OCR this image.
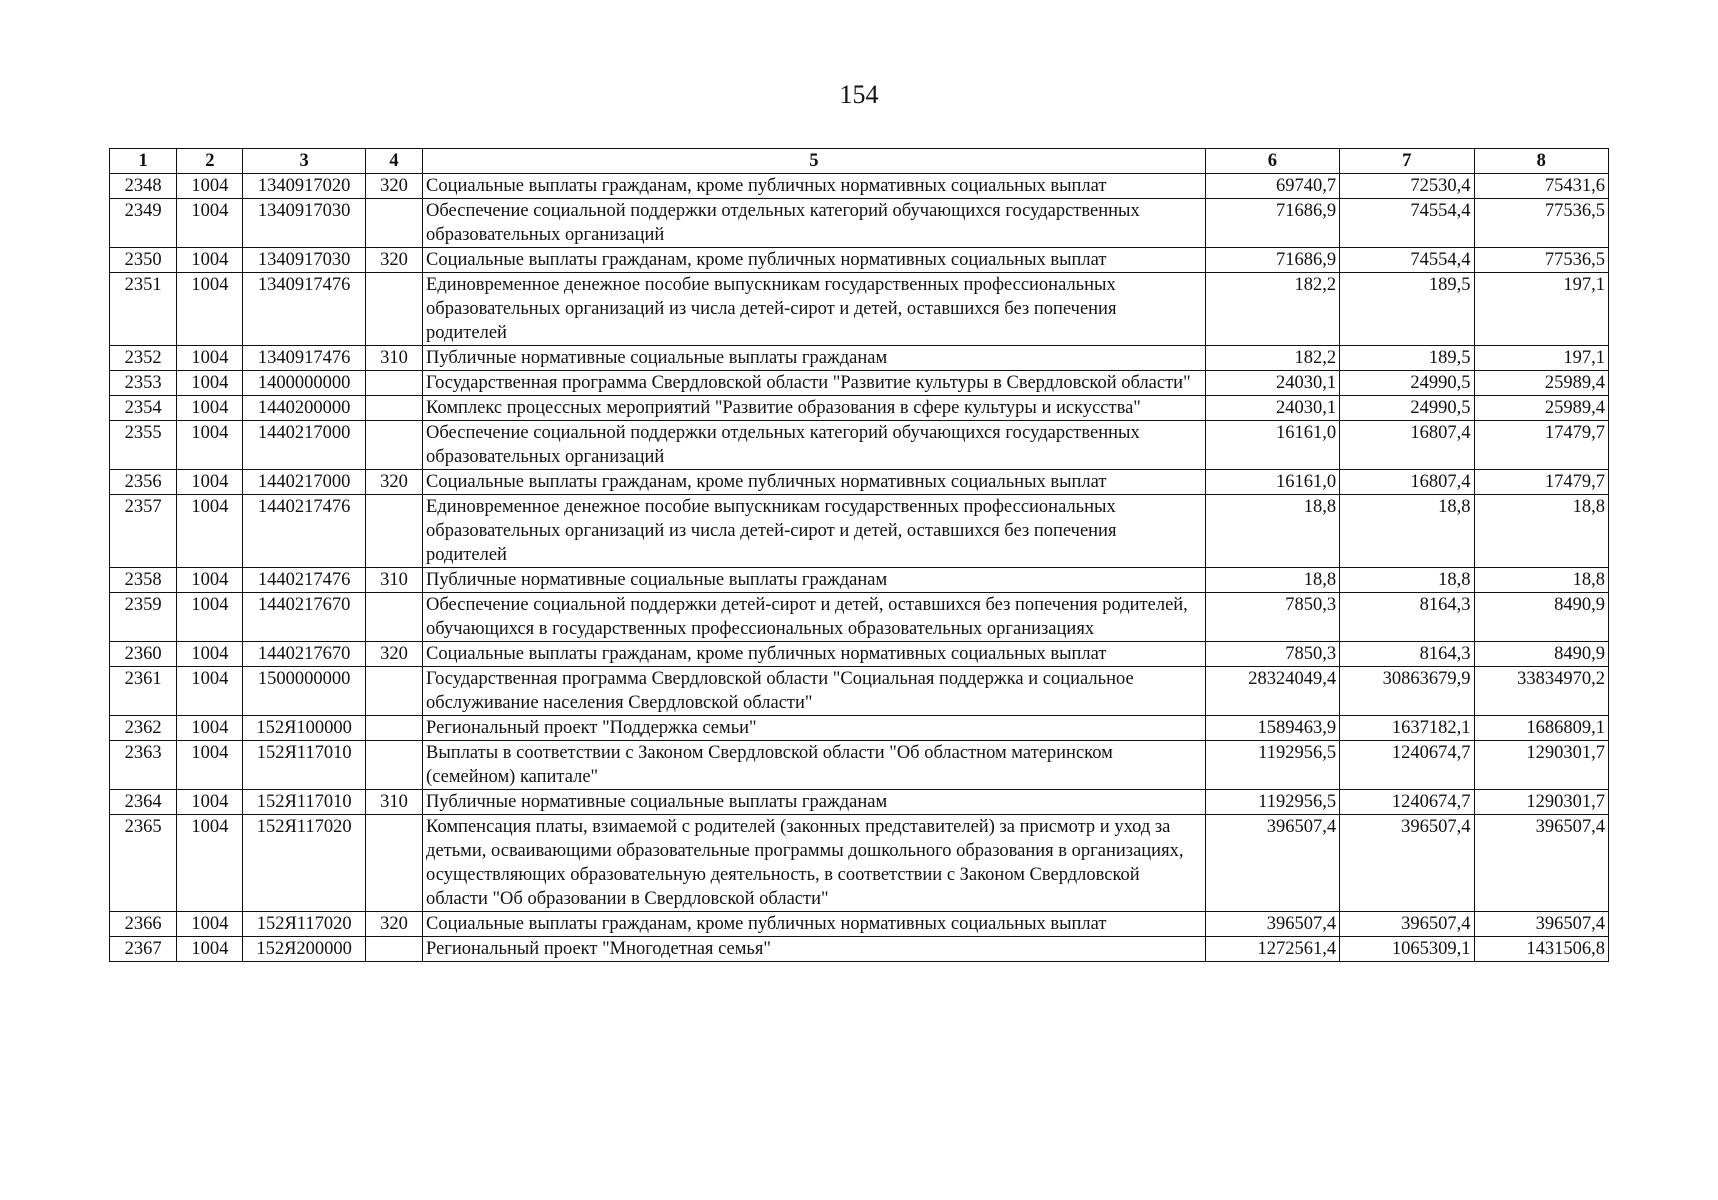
154
1	2	3	4	5	6	7	8
2348	1004	1340917020	320	Социальные выплаты гражданам, кроме публичных нормативных социальных выплат	69740,7	72530,4	75431,6
2349	1004	1340917030		Обеспечение социальной поддержки отдельных категорий обучающихся государственных образовательных организаций	71686,9	74554,4	77536,5
2350	1004	1340917030	320	Социальные выплаты гражданам, кроме публичных нормативных социальных выплат	71686,9	74554,4	77536,5
2351	1004	1340917476		Единовременное денежное пособие выпускникам государственных профессиональных образовательных организаций из числа детей-сирот и детей, оставшихся без попечения родителей	182,2	189,5	197,1
2352	1004	1340917476	310	Публичные нормативные социальные выплаты гражданам	182,2	189,5	197,1
2353	1004	1400000000		Государственная программа Свердловской области "Развитие культуры в Свердловской области"	24030,1	24990,5	25989,4
2354	1004	1440200000		Комплекс процессных мероприятий "Развитие образования в сфере культуры и искусства"	24030,1	24990,5	25989,4
2355	1004	1440217000		Обеспечение социальной поддержки отдельных категорий обучающихся государственных образовательных организаций	16161,0	16807,4	17479,7
2356	1004	1440217000	320	Социальные выплаты гражданам, кроме публичных нормативных социальных выплат	16161,0	16807,4	17479,7
2357	1004	1440217476		Единовременное денежное пособие выпускникам государственных профессиональных образовательных организаций из числа детей-сирот и детей, оставшихся без попечения родителей	18,8	18,8	18,8
2358	1004	1440217476	310	Публичные нормативные социальные выплаты гражданам	18,8	18,8	18,8
2359	1004	1440217670		Обеспечение социальной поддержки детей-сирот и детей, оставшихся без попечения родителей, обучающихся в государственных профессиональных образовательных организациях	7850,3	8164,3	8490,9
2360	1004	1440217670	320	Социальные выплаты гражданам, кроме публичных нормативных социальных выплат	7850,3	8164,3	8490,9
2361	1004	1500000000		Государственная программа Свердловской области "Социальная поддержка и социальное обслуживание населения Свердловской области"	28324049,4	30863679,9	33834970,2
2362	1004	152Я100000		Региональный проект "Поддержка семьи"	1589463,9	1637182,1	1686809,1
2363	1004	152Я117010		Выплаты в соответствии с Законом Свердловской области "Об областном материнском (семейном) капитале"	1192956,5	1240674,7	1290301,7
2364	1004	152Я117010	310	Публичные нормативные социальные выплаты гражданам	1192956,5	1240674,7	1290301,7
2365	1004	152Я117020		Компенсация платы, взимаемой с родителей (законных представителей) за присмотр и уход за детьми, осваивающими образовательные программы дошкольного образования в организациях, осуществляющих образовательную деятельность, в соответствии с Законом Свердловской области "Об образовании в Свердловской области"	396507,4	396507,4	396507,4
2366	1004	152Я117020	320	Социальные выплаты гражданам, кроме публичных нормативных социальных выплат	396507,4	396507,4	396507,4
2367	1004	152Я200000		Региональный проект "Многодетная семья"	1272561,4	1065309,1	1431506,8
